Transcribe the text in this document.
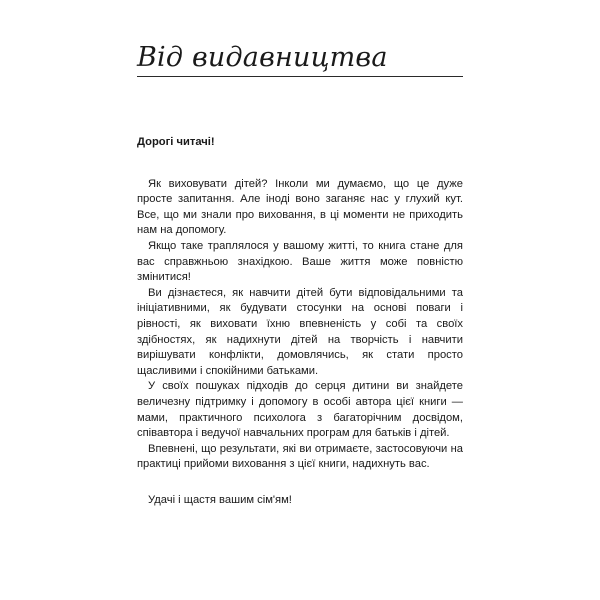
Від видавництва

Дорогі читачі!

Як виховувати дітей? Інколи ми думаємо, що це дуже просте запитання. Але іноді воно заганяє нас у глухий кут. Все, що ми знали про виховання, в ці моменти не приходить нам на допомогу.

Якщо таке траплялося у вашому житті, то книга стане для вас справжньою знахідкою. Ваше життя може повністю змінитися!

Ви дізнаєтеся, як навчити дітей бути відповідальними та ініціативними, як будувати стосунки на основі поваги і рівності, як виховати їхню впевненість у собі та своїх здібностях, як надихнути дітей на творчість і навчити вирішувати конфлікти, домовлячись, як стати просто щасливими і спокійними батьками.

У своїх пошуках підходів до серця дитини ви знайдете величезну підтримку і допомогу в особі автора цієї книги — мами, практичного психолога з багаторічним досвідом, співавтора і ведучої навчальних програм для батьків і дітей.

Впевнені, що результати, які ви отримаєте, застосовуючи на практиці прийоми виховання з цієї книги, надихнуть вас.

Удачі і щастя вашим сім'ям!
